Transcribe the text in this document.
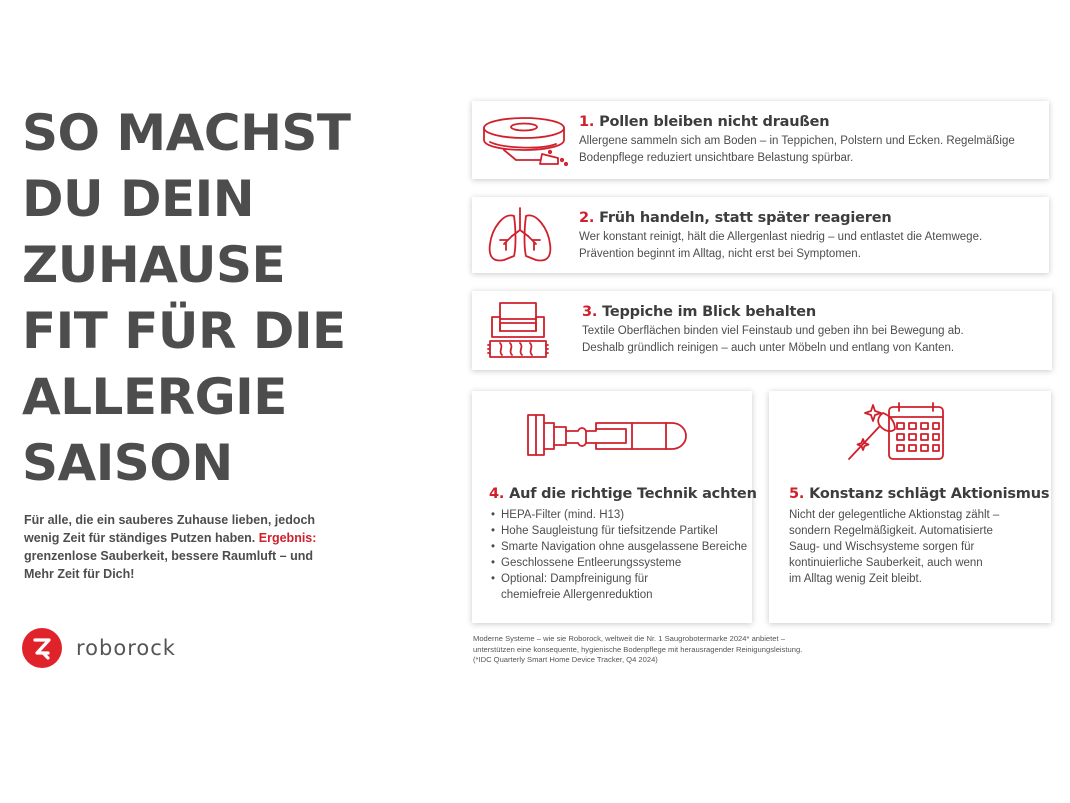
SO MACHST
DU DEIN
ZUHAUSE
FIT FÜR DIE
ALLERGIE
SAISON

Für alle, die ein sauberes Zuhause lieben, jedoch wenig Zeit für ständiges Putzen haben. Ergebnis:
grenzenlose Sauberkeit, bessere Raumluft – und Mehr Zeit für Dich!

roborock
1. Pollen bleiben nicht draußen

Allergene sammeln sich am Boden – in Teppichen, Polstern und Ecken. Regelmäßige
Bodenpflege reduziert unsichtbare Belastung spürbar.

2. Früh handeln, statt später reagieren

Wer konstant reinigt, hält die Allergenlast niedrig – und entlastet die Atemwege.
Prävention beginnt im Alltag, nicht erst bei Symptomen.

3. Teppiche im Blick behalten

Textile Oberflächen binden viel Feinstaub und geben ihn bei Bewegung ab.
Deshalb gründlich reinigen – auch unter Möbeln und entlang von Kanten.

4. Auf die richtige Technik achten
• HEPA-Filter (mind. H13)
• Hohe Saugleistung für tiefsitzende Partikel
• Smarte Navigation ohne ausgelassene Bereiche
• Geschlossene Entleerungssysteme
• Optional: Dampfreinigung für
chemiefreie Allergenreduktion
5. Konstanz schlägt Aktionismus

Nicht der gelegentliche Aktionstag zählt –
sondern Regelmäßigkeit. Automatisierte
Saug- und Wischsysteme sorgen für
kontinuierliche Sauberkeit, auch wenn
im Alltag wenig Zeit bleibt.

Moderne Systeme – wie sie Roborock, weltweit die Nr. 1 Saugrobotermarke 2024* anbietet –
unterstützen eine konsequente, hygienische Bodenpflege mit herausragender Reinigungsleistung.
(*IDC Quarterly Smart Home Device Tracker, Q4 2024)
